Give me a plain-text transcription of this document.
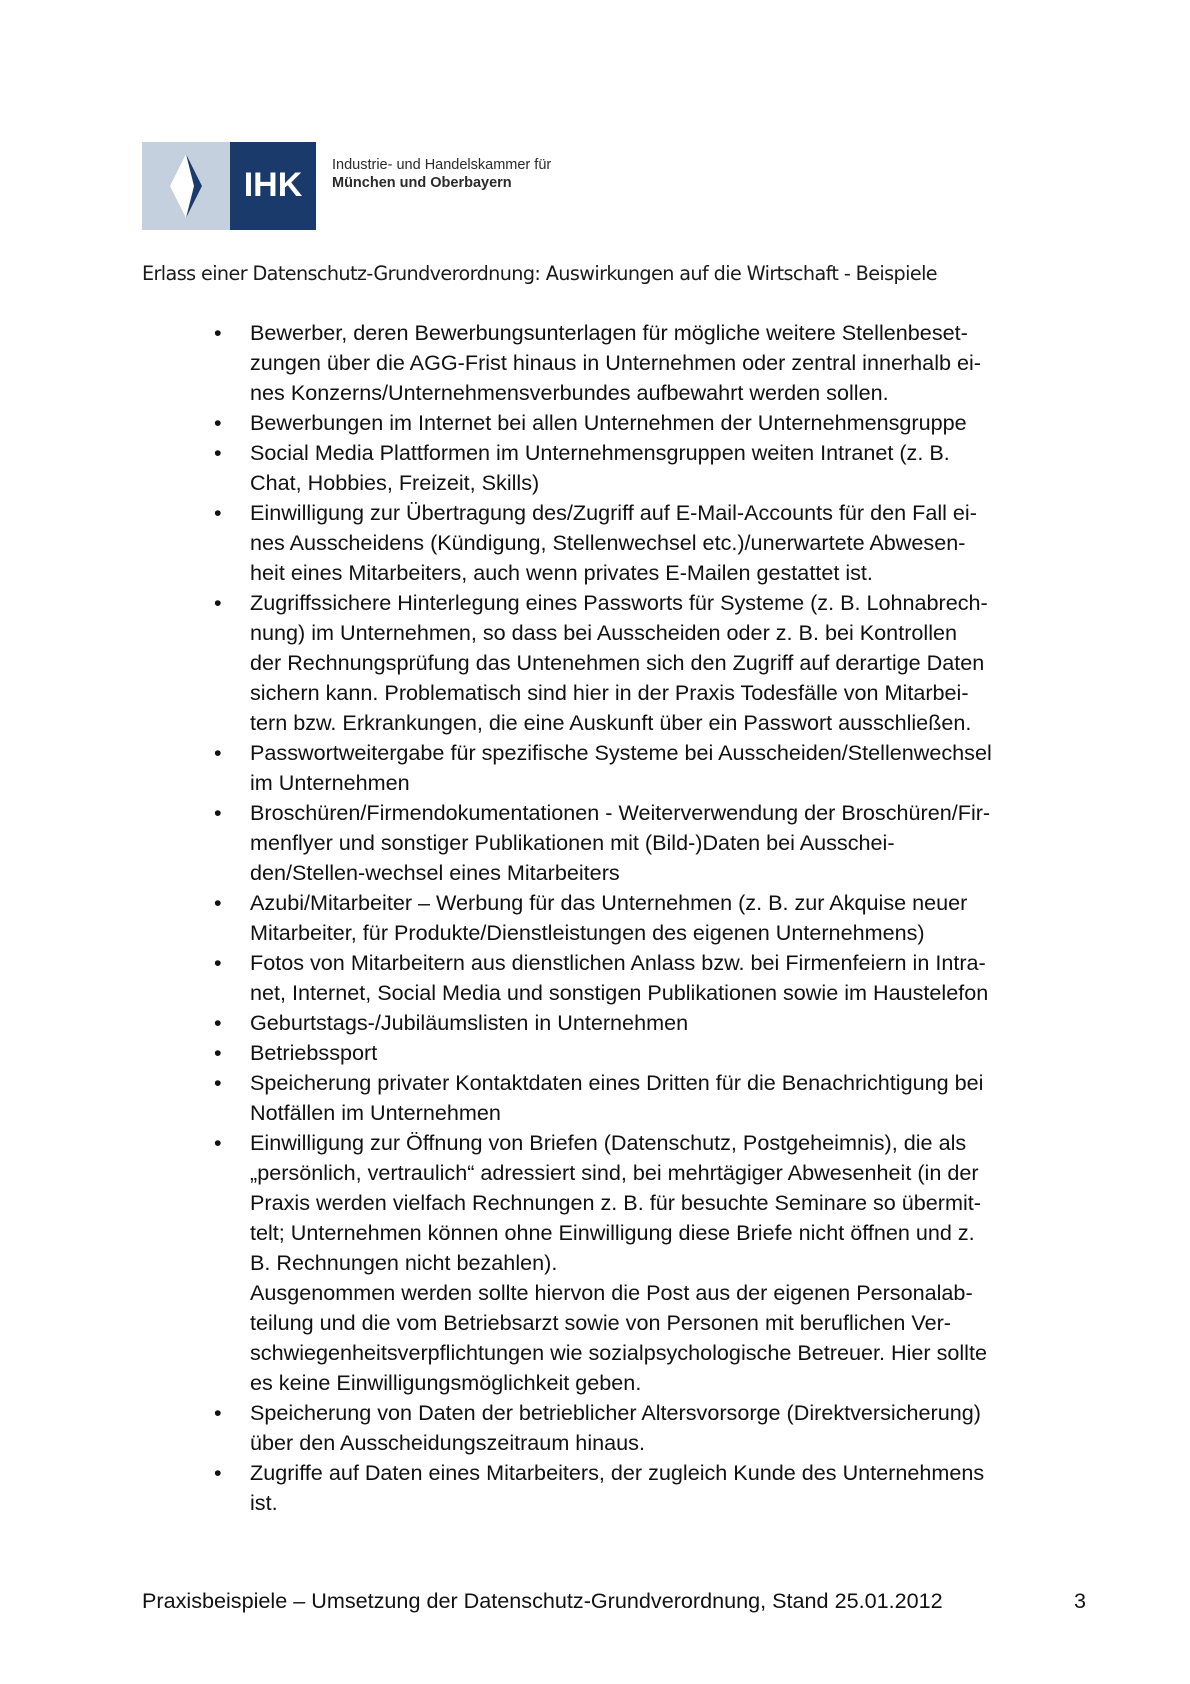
IHK
Industrie- und Handelskammer für
München und Oberbayern
Erlass einer Datenschutz-Grundverordnung: Auswirkungen auf die Wirtschaft - Beispiele
•	Bewerber, deren Bewerbungsunterlagen für mögliche weitere Stellenbeset-
zungen über die AGG-Frist hinaus in Unternehmen oder zentral innerhalb ei-
nes Konzerns/Unternehmensverbundes aufbewahrt werden sollen.
•	Bewerbungen im Internet bei allen Unternehmen der Unternehmensgruppe
•	Social Media Plattformen im Unternehmensgruppen weiten Intranet (z. B.
Chat, Hobbies, Freizeit, Skills)
•	Einwilligung zur Übertragung des/Zugriff auf E-Mail-Accounts für den Fall ei-
nes Ausscheidens (Kündigung, Stellenwechsel etc.)/unerwartete Abwesen-
heit eines Mitarbeiters, auch wenn privates E-Mailen gestattet ist.
•	Zugriffssichere Hinterlegung eines Passworts für Systeme (z. B. Lohnabrech-
nung) im Unternehmen, so dass bei Ausscheiden oder z. B. bei Kontrollen
der Rechnungsprüfung das Untenehmen sich den Zugriff auf derartige Daten
sichern kann. Problematisch sind hier in der Praxis Todesfälle von Mitarbei-
tern bzw. Erkrankungen, die eine Auskunft über ein Passwort ausschließen.
•	Passwortweitergabe für spezifische Systeme bei Ausscheiden/Stellenwechsel
im Unternehmen
•	Broschüren/Firmendokumentationen - Weiterverwendung der Broschüren/Fir-
menflyer und sonstiger Publikationen mit (Bild-)Daten bei Ausschei-
den/Stellen-wechsel eines Mitarbeiters
•	Azubi/Mitarbeiter – Werbung für das Unternehmen (z. B. zur Akquise neuer
Mitarbeiter, für Produkte/Dienstleistungen des eigenen Unternehmens)
•	Fotos von Mitarbeitern aus dienstlichen Anlass bzw. bei Firmenfeiern in Intra-
net, Internet, Social Media und sonstigen Publikationen sowie im Haustelefon
•	Geburtstags-/Jubiläumslisten in Unternehmen
•	Betriebssport
•	Speicherung privater Kontaktdaten eines Dritten für die Benachrichtigung bei
Notfällen im Unternehmen
•	Einwilligung zur Öffnung von Briefen (Datenschutz, Postgeheimnis), die als
„persönlich, vertraulich“ adressiert sind, bei mehrtägiger Abwesenheit (in der
Praxis werden vielfach Rechnungen z. B. für besuchte Seminare so übermit-
telt; Unternehmen können ohne Einwilligung diese Briefe nicht öffnen und z.
B. Rechnungen nicht bezahlen).
Ausgenommen werden sollte hiervon die Post aus der eigenen Personalab-
teilung und die vom Betriebsarzt sowie von Personen mit beruflichen Ver-
schwiegenheitsverpflichtungen wie sozialpsychologische Betreuer. Hier sollte
es keine Einwilligungsmöglichkeit geben.
•	Speicherung von Daten der betrieblicher Altersvorsorge (Direktversicherung)
über den Ausscheidungszeitraum hinaus.
•	Zugriffe auf Daten eines Mitarbeiters, der zugleich Kunde des Unternehmens
ist.
Praxisbeispiele – Umsetzung der Datenschutz-Grundverordnung, Stand 25.01.2012	3
